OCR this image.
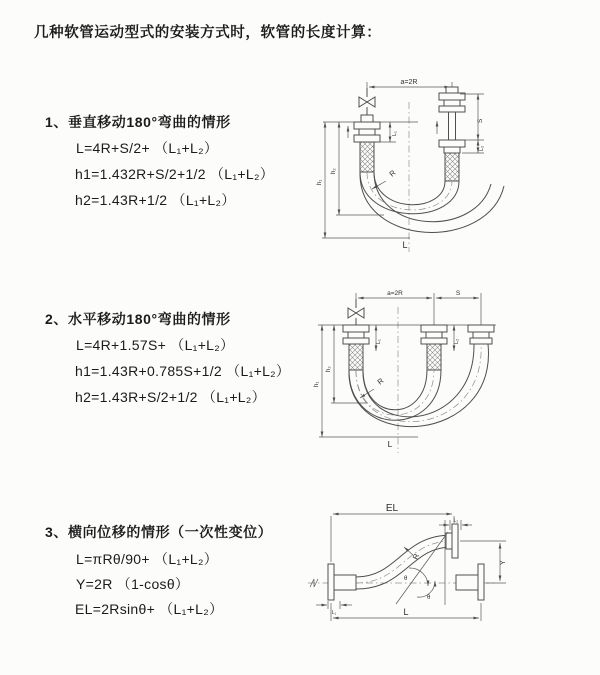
几种软管运动型式的安装方式时，软管的长度计算：
1、垂直移动180°弯曲的情形
L=4R+S/2+ （L₁+L₂）
h1=1.432R+S/2+1/2 （L₁+L₂）
h2=1.43R+1/2 （L₁+L₂）
2、水平移动180°弯曲的情形
L=4R+1.57S+ （L₁+L₂）
h1=1.43R+0.785S+1/2 （L₁+L₂）
h2=1.43R+S/2+1/2 （L₁+L₂）
3、横向位移的情形（一次性变位）
L=πRθ/90+ （L₁+L₂）
Y=2R （1-cosθ）
EL=2Rsinθ+ （L₁+L₂）
a=2R
L₁
S
L₂
h₁
h₂	R
L
a=2R	S
L₁	L₂
h₁
h₂
R
L
EL
L₂
L₁	L
Y
θ
θ
R
